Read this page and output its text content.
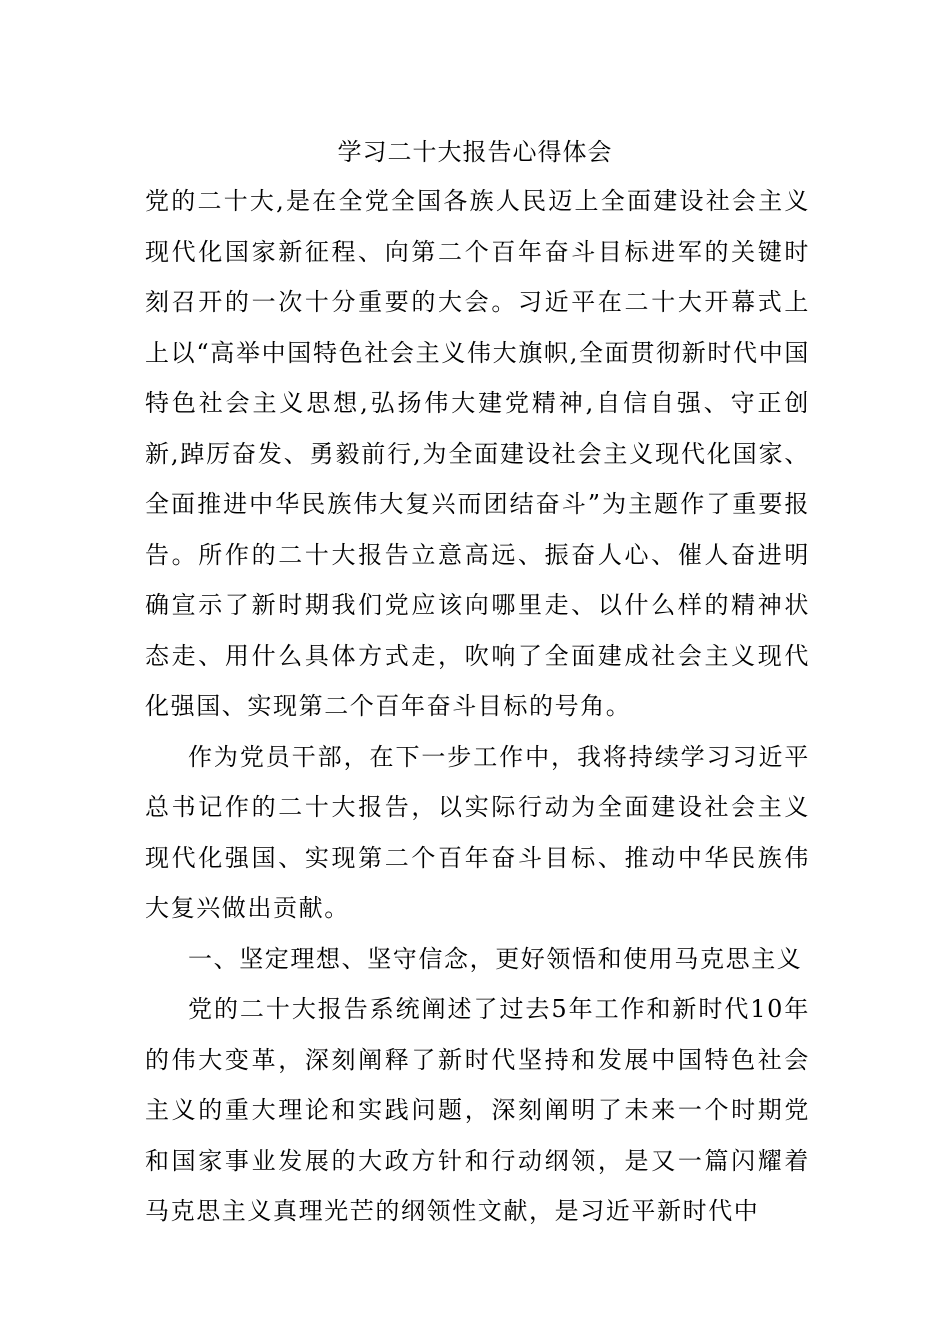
学习二十大报告心得体会

党的二十大,是在全党全国各族人民迈上全面建设社会主义现代化国家新征程、向第二个百年奋斗目标进军的关键时刻召开的一次十分重要的大会。习近平在二十大开幕式上上以“高举中国特色社会主义伟大旗帜,全面贯彻新时代中国特色社会主义思想,弘扬伟大建党精神,自信自强、守正创新,踔厉奋发、勇毅前行,为全面建设社会主义现代化国家、全面推进中华民族伟大复兴而团结奋斗”为主题作了重要报告。所作的二十大报告立意高远、振奋人心、催人奋进明确宣示了新时期我们党应该向哪里走、以什么样的精神状态走、用什么具体方式走，吹响了全面建成社会主义现代化强国、实现第二个百年奋斗目标的号角。

作为党员干部，在下一步工作中，我将持续学习习近平总书记作的二十大报告，以实际行动为全面建设社会主义现代化强国、实现第二个百年奋斗目标、推动中华民族伟大复兴做出贡献。

一、坚定理想、坚守信念，更好领悟和使用马克思主义

党的二十大报告系统阐述了过去5年工作和新时代10年的伟大变革，深刻阐释了新时代坚持和发展中国特色社会主义的重大理论和实践问题，深刻阐明了未来一个时期党和国家事业发展的大政方针和行动纲领，是又一篇闪耀着马克思主义真理光芒的纲领性文献，是习近平新时代中
